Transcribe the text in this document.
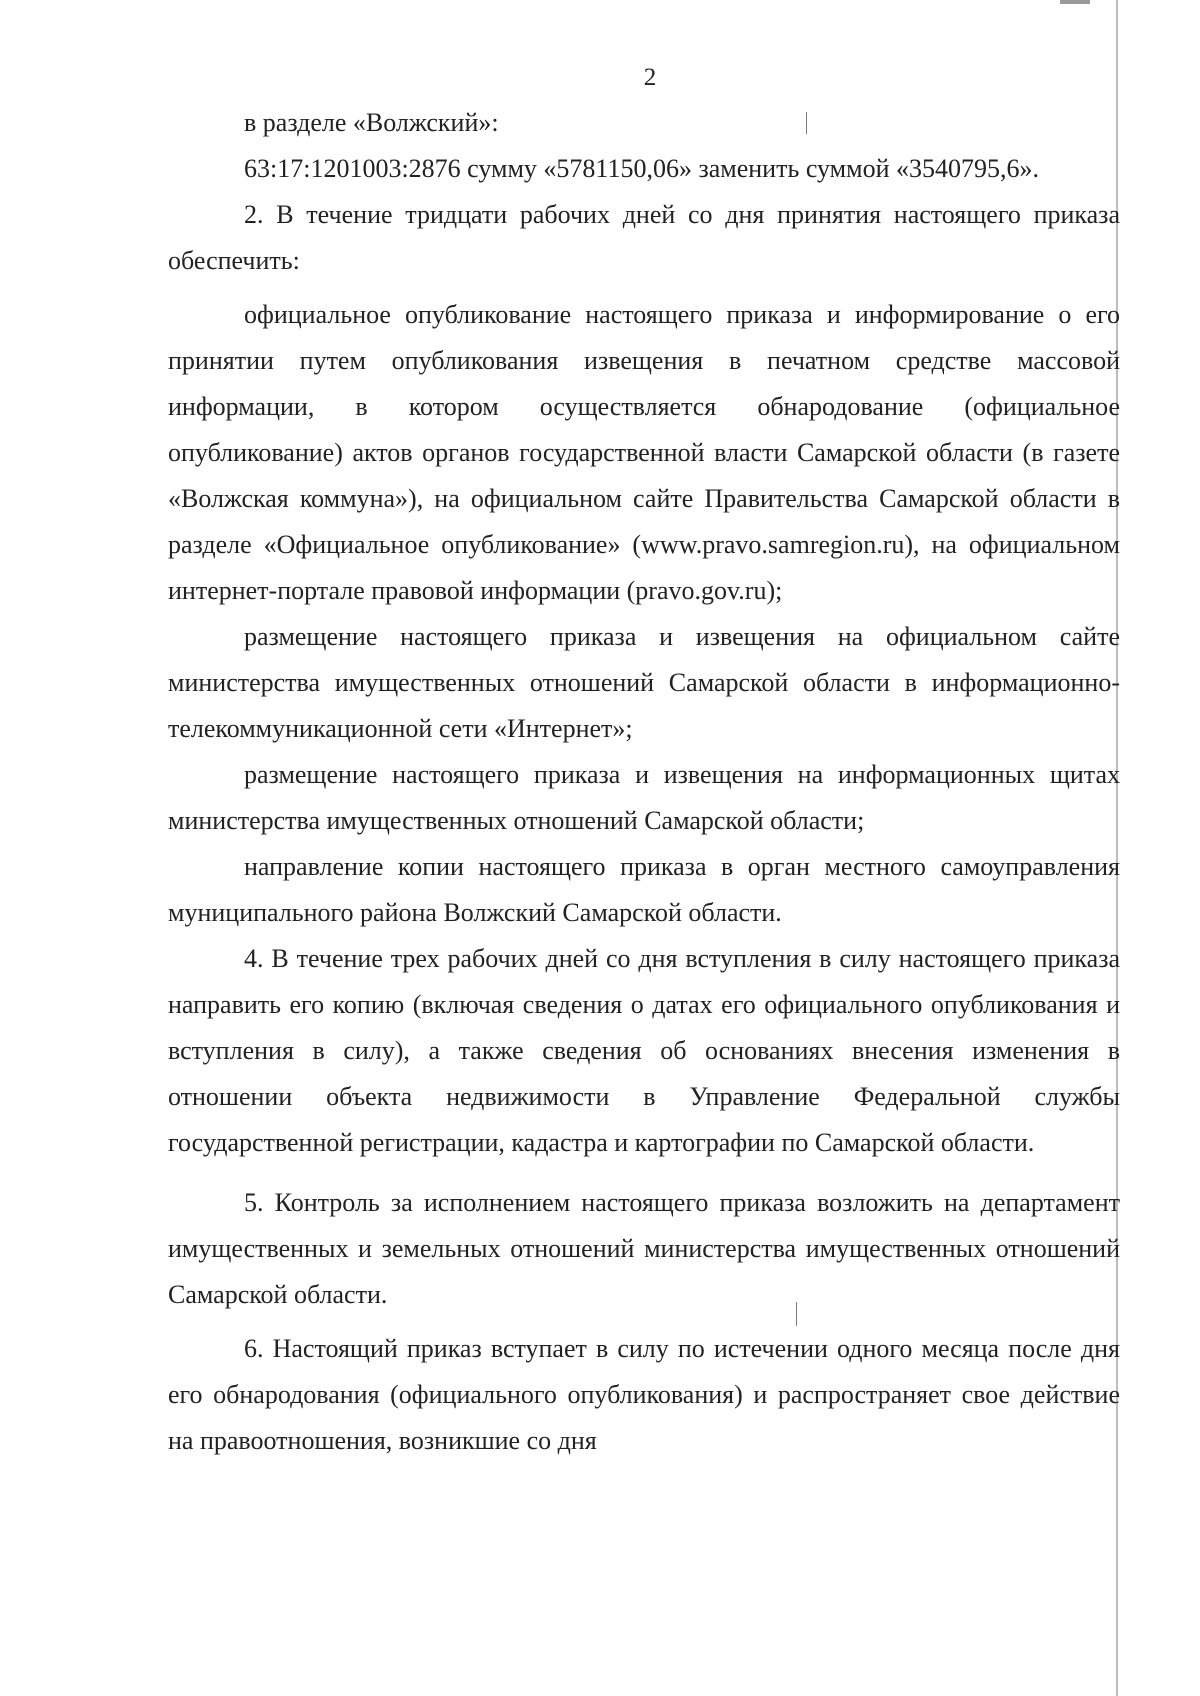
2

в разделе «Волжский»:

63:17:1201003:2876 сумму «5781150,06» заменить суммой «3540795,6».

2. В течение тридцати рабочих дней со дня принятия настоящего приказа обеспечить:

официальное опубликование настоящего приказа и информирование о его принятии путем опубликования извещения в печатном средстве массовой информации, в котором осуществляется обнародование (официальное опубликование) актов органов государственной власти Самарской области (в газете «Волжская коммуна»), на официальном сайте Правительства Самарской области в разделе «Официальное опубликование» (www.pravo.samregion.ru), на официальном интернет-портале правовой информации (pravo.gov.ru);

размещение настоящего приказа и извещения на официальном сайте министерства имущественных отношений Самарской области в информационно-телекоммуникационной сети «Интернет»;

размещение настоящего приказа и извещения на информационных щитах министерства имущественных отношений Самарской области;

направление копии настоящего приказа в орган местного самоуправления муниципального района Волжский Самарской области.

4. В течение трех рабочих дней со дня вступления в силу настоящего приказа направить его копию (включая сведения о датах его официального опубликования и вступления в силу), а также сведения об основаниях внесения изменения в отношении объекта недвижимости в Управление Федеральной службы государственной регистрации, кадастра и картографии по Самарской области.

5. Контроль за исполнением настоящего приказа возложить на департамент имущественных и земельных отношений министерства имущественных отношений Самарской области.

6. Настоящий приказ вступает в силу по истечении одного месяца после дня его обнародования (официального опубликования) и распространяет свое действие на правоотношения, возникшие со дня
